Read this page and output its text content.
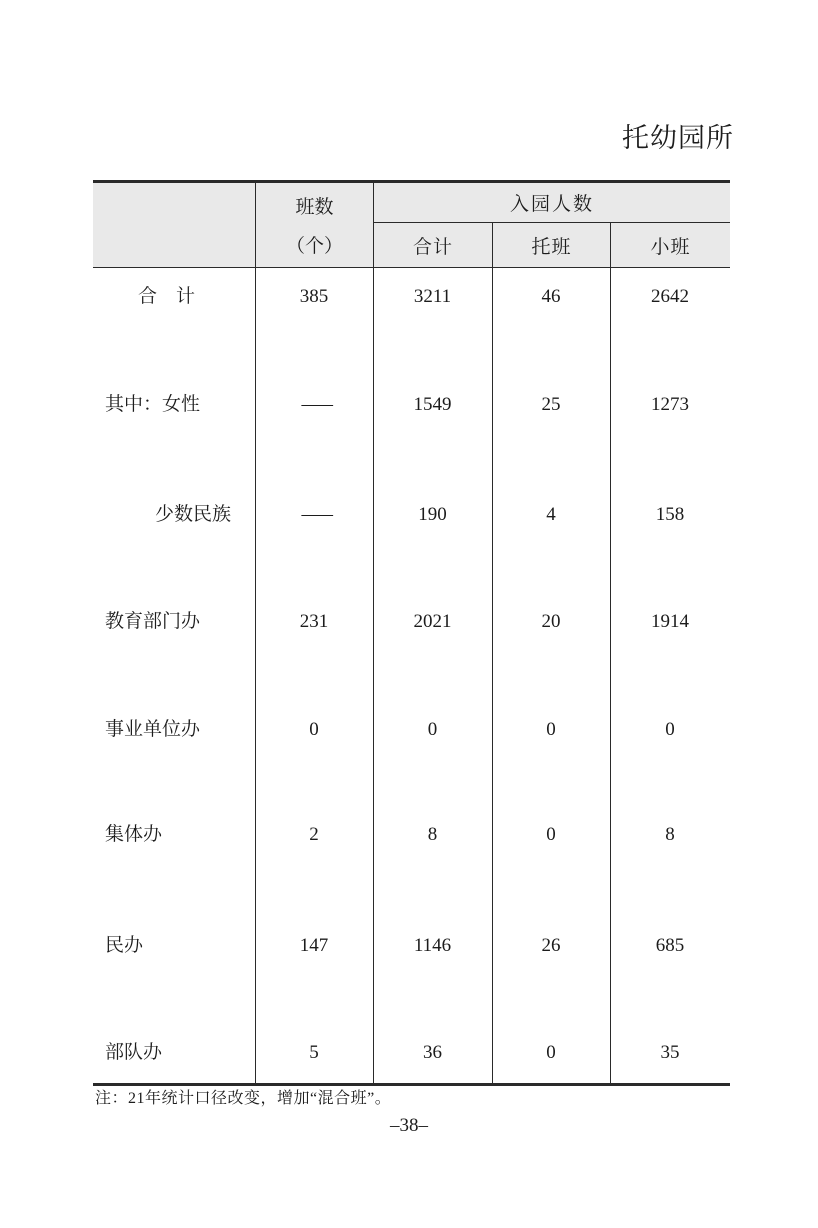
托幼园所
班数
（个）
入园人数
合计	托班	小班
合　计	385	3211	46	2642
其中：女性	——	1549	25	1273
少数民族	——	190	4	158
教育部门办	231	2021	20	1914
事业单位办	0	0	0	0
集体办	2	8	0	8
民办	147	1146	26	685
部队办	5	36	0	35
注：21年统计口径改变，增加“混合班”。
–38–
